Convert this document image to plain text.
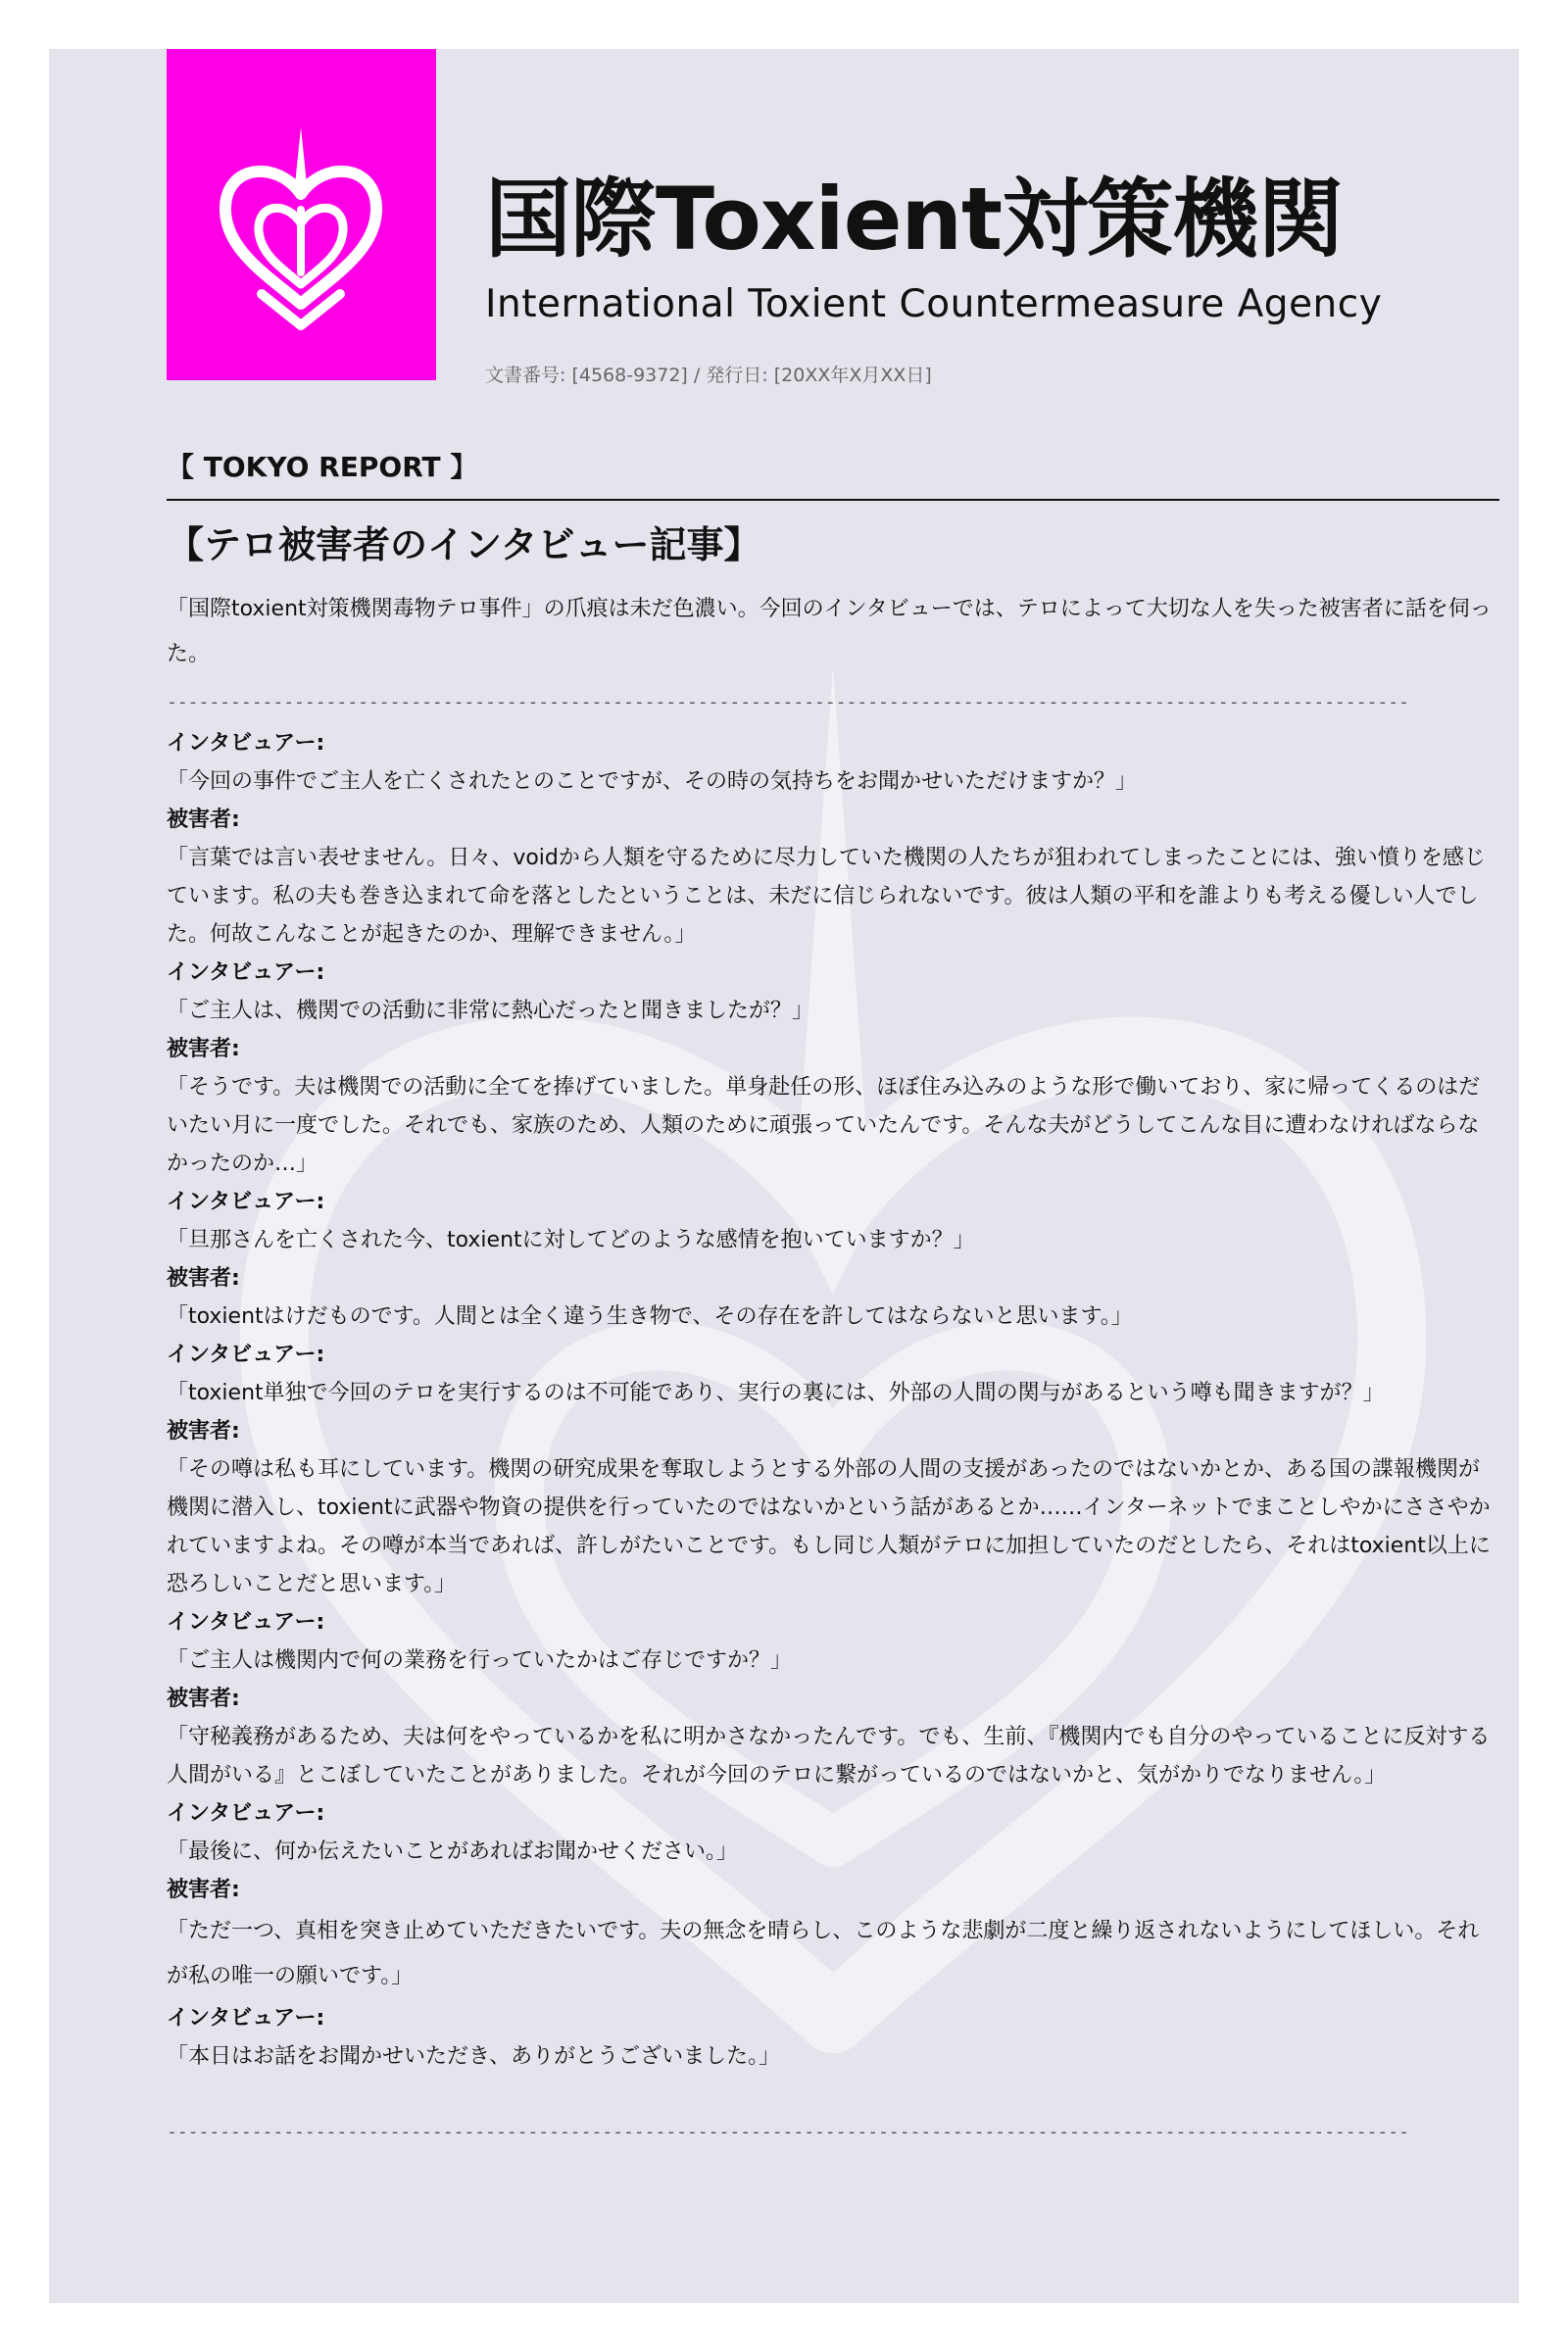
国際Toxient対策機関
International Toxient Countermeasure Agency
文書番号: [4568-9372] / 発行日: [20XX年X月XX日]
【 TOKYO REPORT 】
【テロ被害者のインタビュー記事】
「国際toxient対策機関毒物テロ事件」の爪痕は未だ色濃い。今回のインタビューでは、テロによって大切な人を失った被害者に話を伺った。
---------------------------------------------------------------------------------------------------------------------
インタビュアー:
「今回の事件でご主人を亡くされたとのことですが、その時の気持ちをお聞かせいただけますか？」
被害者:
「言葉では言い表せません。日々、voidから人類を守るために尽力していた機関の人たちが狙われてしまったことには、強い憤りを感じています。私の夫も巻き込まれて命を落としたということは、未だに信じられないです。彼は人類の平和を誰よりも考える優しい人でした。何故こんなことが起きたのか、理解できません。」
インタビュアー:
「ご主人は、機関での活動に非常に熱心だったと聞きましたが？」
被害者:
「そうです。夫は機関での活動に全てを捧げていました。単身赴任の形、ほぼ住み込みのような形で働いており、家に帰ってくるのはだいたい月に一度でした。それでも、家族のため、人類のために頑張っていたんです。そんな夫がどうしてこんな目に遭わなければならなかったのか…」
インタビュアー:
「旦那さんを亡くされた今、toxientに対してどのような感情を抱いていますか？」
被害者:
「toxientはけだものです。人間とは全く違う生き物で、その存在を許してはならないと思います。」
インタビュアー:
「toxient単独で今回のテロを実行するのは不可能であり、実行の裏には、外部の人間の関与があるという噂も聞きますが？」
被害者:
「その噂は私も耳にしています。機関の研究成果を奪取しようとする外部の人間の支援があったのではないかとか、ある国の諜報機関が機関に潜入し、toxientに武器や物資の提供を行っていたのではないかという話があるとか……インターネットでまことしやかにささやかれていますよね。その噂が本当であれば、許しがたいことです。もし同じ人類がテロに加担していたのだとしたら、それはtoxient以上に恐ろしいことだと思います。」
インタビュアー:
「ご主人は機関内で何の業務を行っていたかはご存じですか？」
被害者:
「守秘義務があるため、夫は何をやっているかを私に明かさなかったんです。でも、生前、『機関内でも自分のやっていることに反対する人間がいる』とこぼしていたことがありました。それが今回のテロに繋がっているのではないかと、気がかりでなりません。」
インタビュアー:
「最後に、何か伝えたいことがあればお聞かせください。」
被害者:
「ただ一つ、真相を突き止めていただきたいです。夫の無念を晴らし、このような悲劇が二度と繰り返されないようにしてほしい。それが私の唯一の願いです。」
インタビュアー:
「本日はお話をお聞かせいただき、ありがとうございました。」
---------------------------------------------------------------------------------------------------------------------
